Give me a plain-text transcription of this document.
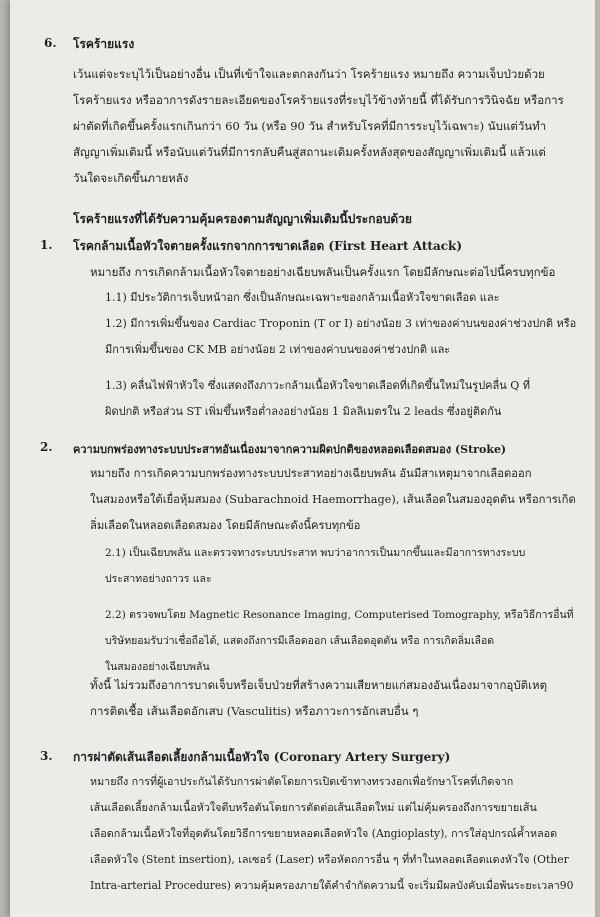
6. โรคร้ายแรง
เว้นแต่จะระบุไว้เป็นอย่างอื่น เป็นที่เข้าใจและตกลงกันว่า โรคร้ายแรง หมายถึง ความเจ็บป่วยด้วย
โรคร้ายแรง หรืออาการดังรายละเอียดของโรคร้ายแรงที่ระบุไว้ข้างท้ายนี้ ที่ได้รับการวินิจฉัย หรือการ
ผ่าตัดที่เกิดขึ้นครั้งแรกเกินกว่า 60 วัน (หรือ 90 วัน สำหรับโรคที่มีการระบุไว้เฉพาะ) นับแต่วันทำ
สัญญาเพิ่มเติมนี้ หรือนับแต่วันที่มีการกลับคืนสู่สถานะเดิมครั้งหลังสุดของสัญญาเพิ่มเติมนี้ แล้วแต่
วันใดจะเกิดขึ้นภายหลัง
โรคร้ายแรงที่ได้รับความคุ้มครองตามสัญญาเพิ่มเติมนี้ประกอบด้วย
1. โรคกล้ามเนื้อหัวใจตายครั้งแรกจากการขาดเลือด (First Heart Attack)
หมายถึง การเกิดกล้ามเนื้อหัวใจตายอย่างเฉียบพลันเป็นครั้งแรก โดยมีลักษณะต่อไปนี้ครบทุกข้อ
1.1) มีประวัติการเจ็บหน้าอก ซึ่งเป็นลักษณะเฉพาะของกล้ามเนื้อหัวใจขาดเลือด และ
1.2) มีการเพิ่มขึ้นของ Cardiac Troponin (T or I) อย่างน้อย 3 เท่าของค่าบนของค่าช่วงปกติ หรือ
มีการเพิ่มขึ้นของ CK MB อย่างน้อย 2 เท่าของค่าบนของค่าช่วงปกติ และ
1.3) คลื่นไฟฟ้าหัวใจ ซึ่งแสดงถึงภาวะกล้ามเนื้อหัวใจขาดเลือดที่เกิดขึ้นใหม่ในรูปคลื่น Q ที่
ผิดปกติ หรือส่วน ST เพิ่มขึ้นหรือต่ำลงอย่างน้อย 1 มิลลิเมตรใน 2 leads ซึ่งอยู่ติดกัน
2. ความบกพร่องทางระบบประสาทอันเนื่องมาจากความผิดปกติของหลอดเลือดสมอง (Stroke)
หมายถึง การเกิดความบกพร่องทางระบบประสาทอย่างเฉียบพลัน อันมีสาเหตุมาจากเลือดออก
ในสมองหรือใต้เยื่อหุ้มสมอง (Subarachnoid Haemorrhage), เส้นเลือดในสมองอุดตัน หรือการเกิด
ลิ่มเลือดในหลอดเลือดสมอง โดยมีลักษณะดังนี้ครบทุกข้อ
2.1) เป็นเฉียบพลัน และตรวจทางระบบประสาท พบว่าอาการเป็นมากขึ้นและมีอาการทางระบบ
ประสาทอย่างถาวร และ
2.2) ตรวจพบโดย Magnetic Resonance Imaging, Computerised Tomography, หรือวิธีการอื่นที่
บริษัทยอมรับว่าเชื่อถือได้, แสดงถึงการมีเลือดออก เส้นเลือดอุดตัน หรือ การเกิดลิ่มเลือด
ในสมองอย่างเฉียบพลัน
ทั้งนี้ ไม่รวมถึงอาการบาดเจ็บหรือเจ็บป่วยที่สร้างความเสียหายแก่สมองอันเนื่องมาจากอุบัติเหตุ
การติดเชื้อ เส้นเลือดอักเสบ (Vasculitis) หรือภาวะการอักเสบอื่น ๆ
3. การผ่าตัดเส้นเลือดเลี้ยงกล้ามเนื้อหัวใจ (Coronary Artery Surgery)
หมายถึง การที่ผู้เอาประกันได้รับการผ่าตัดโดยการเปิดเข้าทางทรวงอกเพื่อรักษาโรคที่เกิดจาก
เส้นเลือดเลี้ยงกล้ามเนื้อหัวใจตีบหรือตันโดยการตัดต่อเส้นเลือดใหม่ แต่ไม่คุ้มครองถึงการขยายเส้น
เลือดกล้ามเนื้อหัวใจที่อุดตันโดยวิธีการขยายหลอดเลือดหัวใจ (Angioplasty), การใส่อุปกรณ์ค้ำหลอด
เลือดหัวใจ (Stent insertion), เลเซอร์ (Laser) หรือหัตถการอื่น ๆ ที่ทำในหลอดเลือดแดงหัวใจ (Other
Intra-arterial Procedures) ความคุ้มครองภายใต้คำจำกัดความนี้ จะเริ่มมีผลบังคับเมื่อพ้นระยะเวลา90
